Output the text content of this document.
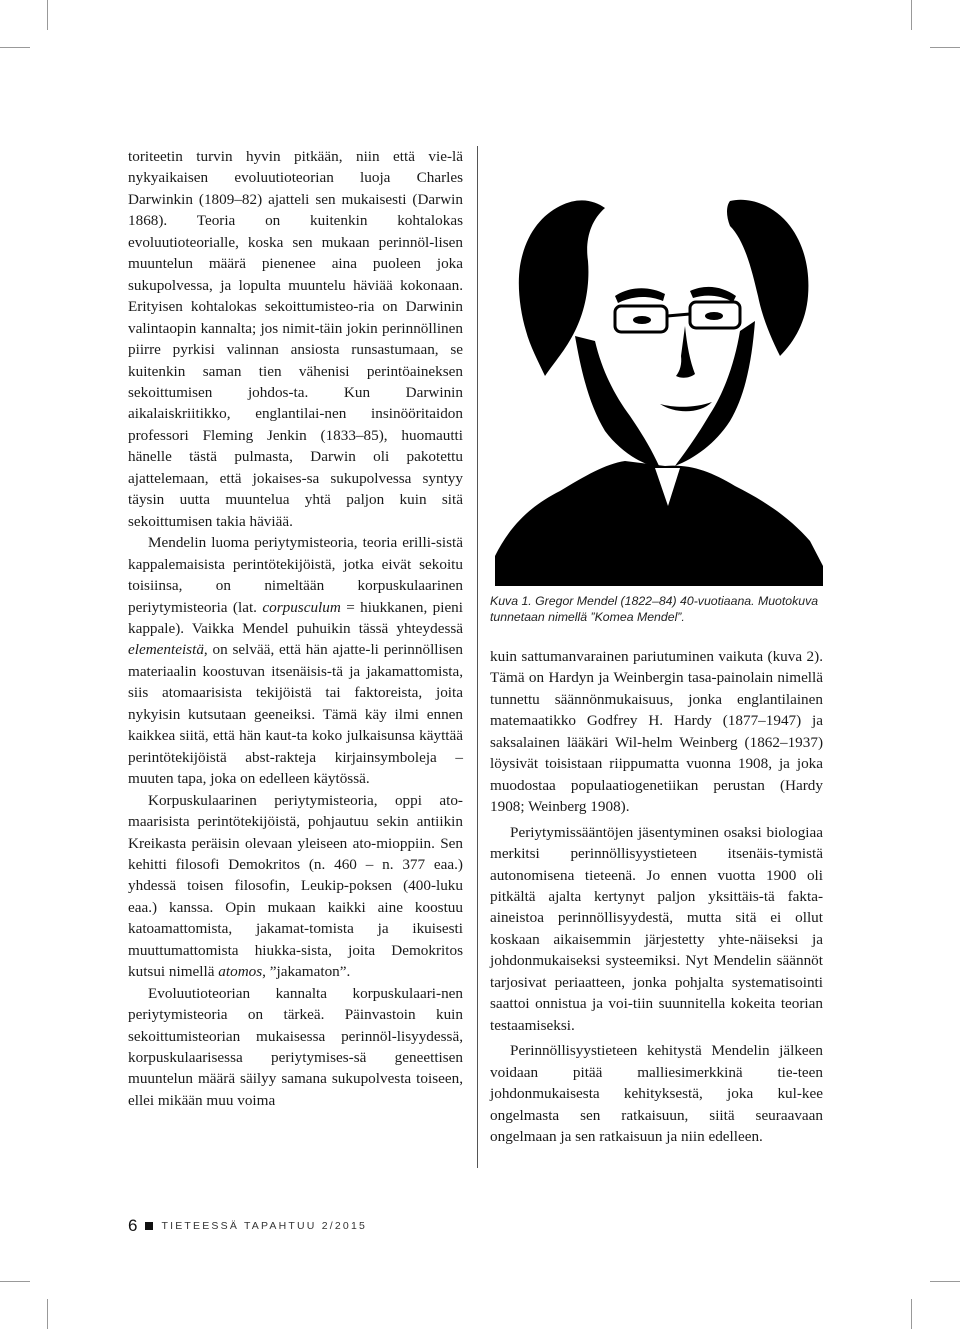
toriteetin turvin hyvin pitkään, niin että vie-lä nykyaikaisen evoluutioteorian luoja Charles Darwinkin (1809–82) ajatteli sen mukaisesti (Darwin 1868). Teoria on kuitenkin kohtalokas evoluutioteorialle, koska sen mukaan perinnöl-lisen muuntelun määrä pienenee aina puoleen joka sukupolvessa, ja lopulta muuntelu häviää kokonaan. Erityisen kohtalokas sekoittumisteo-ria on Darwinin valintaopin kannalta; jos nimit-täin jokin perinnöllinen piirre pyrkisi valinnan ansiosta runsastumaan, se kuitenkin saman tien vähenisi perintöaineksen sekoittumisen johdos-ta. Kun Darwinin aikalaiskriitikko, englantilai-nen insinööritaidon professori Fleming Jenkin (1833–85), huomautti hänelle tästä pulmasta, Darwin oli pakotettu ajattelemaan, että jokaises-sa sukupolvessa syntyy täysin uutta muuntelua yhtä paljon kuin sitä sekoittumisen takia häviää.

Mendelin luoma periytymisteoria, teoria erilli-sistä kappalemaisista perintötekijöistä, jotka eivät sekoitu toisiinsa, on nimeltään korpuskulaarinen periytymisteoria (lat. corpusculum = hiukkanen, pieni kappale). Vaikka Mendel puhuikin tässä yhteydessä elementeistä, on selvää, että hän ajatte-li perinnöllisen materiaalin koostuvan itsenäisis-tä ja jakamattomista, siis atomaarisista tekijöistä tai faktoreista, joita nykyisin kutsutaan geeneiksi. Tämä käy ilmi ennen kaikkea siitä, että hän kaut-ta koko julkaisunsa käyttää perintötekijöistä abst-rakteja kirjainsymboleja – muuten tapa, joka on edelleen käytössä.

Korpuskulaarinen periytymisteoria, oppi ato-maarisista perintötekijöistä, pohjautuu sekin antiikin Kreikasta peräisin olevaan yleiseen ato-mioppiin. Sen kehitti filosofi Demokritos (n. 460 – n. 377 eaa.) yhdessä toisen filosofin, Leukip-poksen (400-luku eaa.) kanssa. Opin mukaan kaikki aine koostuu katoamattomista, jakamat-tomista ja ikuisesti muuttumattomista hiukka-sista, joita Demokritos kutsui nimellä atomos, ”jakamaton”.

Evoluutioteorian kannalta korpuskulaari-nen periytymisteoria on tärkeä. Päinvastoin kuin sekoittumisteorian mukaisessa perinnöl-lisyydessä, korpuskulaarisessa periytymises-sä geneettisen muuntelun määrä säilyy samana sukupolvesta toiseen, ellei mikään muu voima

Kuva 1. Gregor Mendel (1822–84) 40-vuotiaana. Muotokuva tunnetaan nimellä ”Komea Mendel”.

kuin sattumanvarainen pariutuminen vaikuta (kuva 2). Tämä on Hardyn ja Weinbergin tasa-painolain nimellä tunnettu säännönmukaisuus, jonka englantilainen matemaatikko Godfrey H. Hardy (1877–1947) ja saksalainen lääkäri Wil-helm Weinberg (1862–1937) löysivät toisistaan riippumatta vuonna 1908, ja joka muodostaa populaatiogenetiikan perustan (Hardy 1908; Weinberg 1908).

Periytymissääntöjen jäsentyminen osaksi biologiaa merkitsi perinnöllisyystieteen itsenäis-tymistä autonomisena tieteenä. Jo ennen vuotta 1900 oli pitkältä ajalta kertynyt paljon yksittäis-tä fakta-aineistoa perinnöllisyydestä, mutta sitä ei ollut koskaan aikaisemmin järjestetty yhte-näiseksi ja johdonmukaiseksi systeemiksi. Nyt Mendelin säännöt tarjosivat periaatteen, jonka pohjalta systematisointi saattoi onnistua ja voi-tiin suunnitella kokeita teorian testaamiseksi.

Perinnöllisyystieteen kehitystä Mendelin jälkeen voidaan pitää malliesimerkkinä tie-teen johdonmukaisesta kehityksestä, joka kul-kee ongelmasta sen ratkaisuun, siitä seuraavaan ongelmaan ja sen ratkaisuun ja niin edelleen.

6 TIETEESSÄ TAPAHTUU 2/2015
